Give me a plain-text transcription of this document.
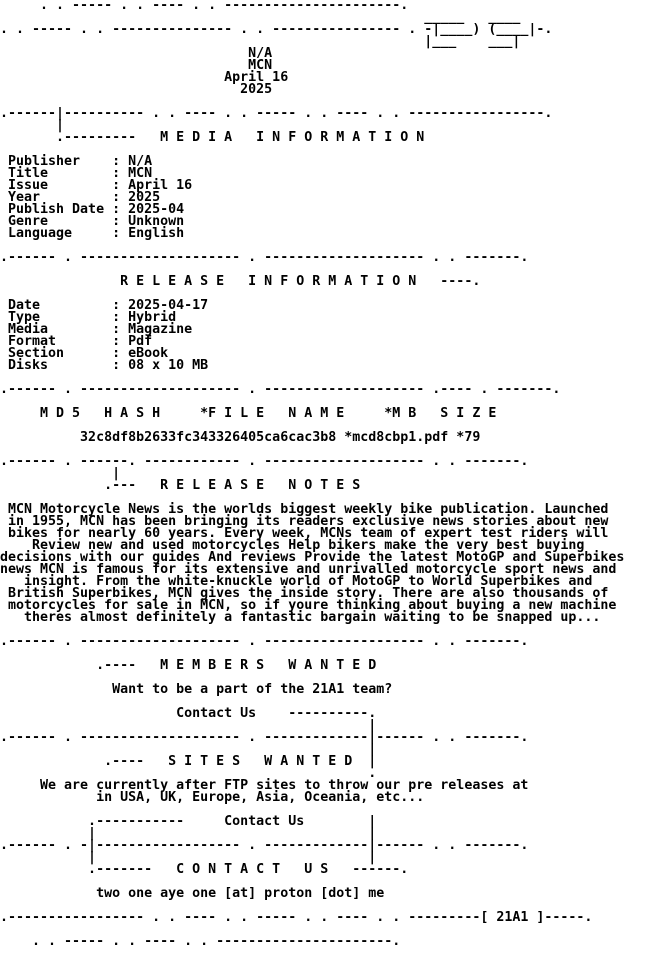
. . ----- . . ---- . . ----------------------.
_____   ____
. . ----- . . --------------- . . ---------------- . -|____) (____|-.
|___    ___|
N/A
MCN
April 16
2025

.------|---------- . . ---- . . ----- . . ---- . . -----------------.
|
.---------   M E D I A   I N F O R M A T I O N

Publisher    : N/A
Title        : MCN
Issue        : April 16
Year         : 2025
Publish Date : 2025-04
Genre        : Unknown
Language     : English

.------ . -------------------- . -------------------- . . -------.

R E L E A S E   I N F O R M A T I O N   ----.

Date         : 2025-04-17
Type         : Hybrid
Media        : Magazine
Format       : Pdf
Section      : eBook
Disks        : 08 x 10 MB

.------ . -------------------- . -------------------- .---- . -------.

M D 5   H A S H     *F I L E   N A M E     *M B   S I Z E

32c8df8b2633fc343326405ca6cac3b8 *mcd8cbp1.pdf *79

.------ . ------. ------------ . -------------------- . . -------.
|
.---   R E L E A S E   N O T E S

MCN Motorcycle News is the worlds biggest weekly bike publication. Launched
in 1955, MCN has been bringing its readers exclusive news stories about new
bikes for nearly 60 years. Every week, MCNs team of expert test riders will
Review new and used motorcycles Help bikers make the very best buying
decisions with our guides And reviews Provide the latest MotoGP and Superbikes
news MCN is famous for its extensive and unrivalled motorcycle sport news and
insight. From the white-knuckle world of MotoGP to World Superbikes and
British Superbikes, MCN gives the inside story. There are also thousands of
motorcycles for sale in MCN, so if youre thinking about buying a new machine
theres almost definitely a fantastic bargain waiting to be snapped up...

.------ . -------------------- . -------------------- . . -------.

.----   M E M B E R S   W A N T E D

Want to be a part of the 21A1 team?

Contact Us    ----------.
|
.------ . -------------------- . -------------|------ . . -------.
|
.----   S I T E S   W A N T E D  |
.
We are currently after FTP sites to throw our pre releases at
in USA, UK, Europe, Asia, Oceania, etc...

.-----------     Contact Us        |
|                                  |
.------ . -|------------------ . -------------|------ . . -------.
|                                  |
.-------   C O N T A C T   U S   ------.

two one aye one [at] proton [dot] me

.----------------- . . ---- . . ----- . . ---- . . ---------[ 21A1 ]-----.

. . ----- . . ---- . . ----------------------.
